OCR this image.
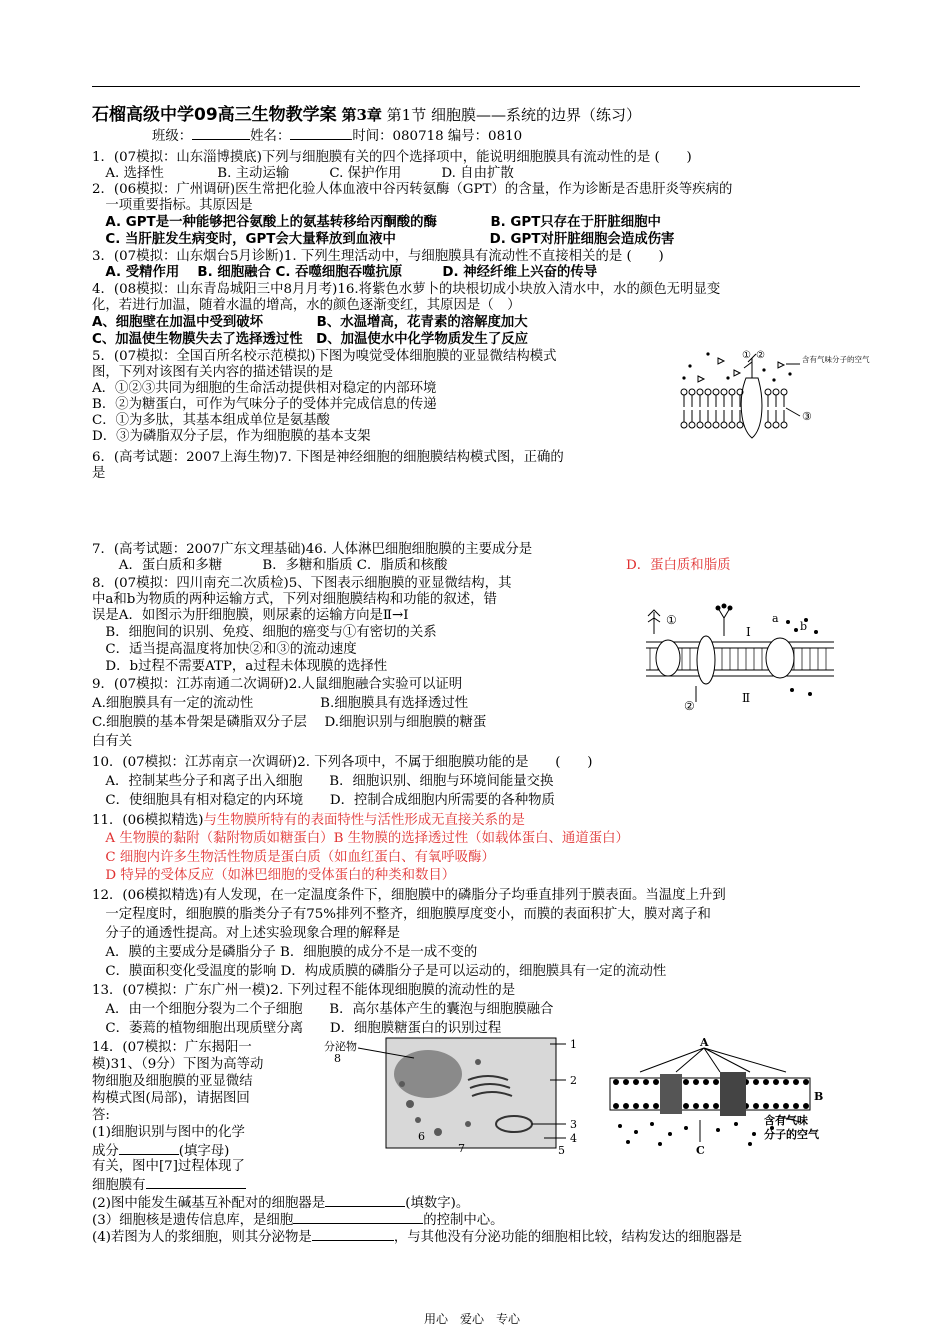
石榴高级中学09高三生物教学案 第3章 第1节 细胞膜——系统的边界（练习）
班级：	姓名：	时间：080718 编号：0810
1．(07模拟：山东淄博摸底)下列与细胞膜有关的四个选择项中，能说明细胞膜具有流动性的是 (　　)
　A. 选择性　　　　B. 主动运输　　　C. 保护作用　　　D. 自由扩散
2．(06模拟：广州调研)医生常把化验人体血液中谷丙转氨酶（GPT）的含量，作为诊断是否患肝炎等疾病的
　一项重要指标。其原因是
　A. GPT是一种能够把谷氨酸上的氨基转移给丙酮酸的酶　　　　B. GPT只存在于肝脏细胞中
　C. 当肝脏发生病变时，GPT会大量释放到血液中　　　　　　　D. GPT对肝脏细胞会造成伤害
3．(07模拟：山东烟台5月诊断)1. 下列生理活动中，与细胞膜具有流动性不直接相关的是 (　　)
　A. 受精作用　 B. 细胞融合 C. 吞噬细胞吞噬抗原　　　D. 神经纤维上兴奋的传导
4．(08模拟：山东青岛城阳三中8月月考)16.将紫色水萝卜的块根切成小块放入清水中，水的颜色无明显变
化，若进行加温，随着水温的增高，水的颜色逐渐变红，其原因是（　）
A、细胞壁在加温中受到破坏　　　　B、水温增高，花青素的溶解度加大
C、加温使生物膜失去了选择透过性　D、加温使水中化学物质发生了反应
5．(07模拟：全国百所名校示范模拟)下图为嗅觉受体细胞膜的亚显微结构模式
图，下列对该图有关内容的描述错误的是
A．①②③共同为细胞的生命活动提供相对稳定的内部环境
B．②为糖蛋白，可作为气味分子的受体并完成信息的传递
C．①为多肽，其基本组成单位是氨基酸
D．③为磷脂双分子层，作为细胞膜的基本支架
6．(高考试题：2007上海生物)7. 下图是神经细胞的细胞膜结构模式图，正确的
是
7．(高考试题：2007广东文理基础)46. 人体淋巴细胞细胞膜的主要成分是
　　A．蛋白质和多糖　　　B．多糖和脂质 C．脂质和核酸	D．蛋白质和脂质
8．(07模拟：四川南充二次质检)5、下图表示细胞膜的亚显微结构，其
中a和b为物质的两种运输方式，下列对细胞膜结构和功能的叙述，错
误是A．如图示为肝细胞膜，则尿素的运输方向是Ⅱ→Ⅰ
　B．细胞间的识别、免疫、细胞的癌变与①有密切的关系
　C．适当提高温度将加快②和③的流动速度
　D．b过程不需要ATP，a过程未体现膜的选择性
9．(07模拟：江苏南通二次调研)2.人鼠细胞融合实验可以证明
A.细胞膜具有一定的流动性　　　　　B.细胞膜具有选择透过性
C.细胞膜的基本骨架是磷脂双分子层　 D.细胞识别与细胞膜的糖蛋
白有关
10．(07模拟：江苏南京一次调研)2. 下列各项中，不属于细胞膜功能的是　　(　　)
　A．控制某些分子和离子出入细胞　　B．细胞识别、细胞与环境间能量交换
　C．使细胞具有相对稳定的内环境　　D．控制合成细胞内所需要的各种物质
11．(06模拟精选)与生物膜所特有的表面特性与活性形成无直接关系的是
　A 生物膜的黏附（黏附物质如糖蛋白）B 生物膜的选择透过性（如载体蛋白、通道蛋白）
　C 细胞内许多生物活性物质是蛋白质（如血红蛋白、有氧呼吸酶）
　D 特异的受体反应（如淋巴细胞的受体蛋白的种类和数目）
12．(06模拟精选)有人发现，在一定温度条件下，细胞膜中的磷脂分子均垂直排列于膜表面。当温度上升到
　一定程度时，细胞膜的脂类分子有75%排列不整齐，细胞膜厚度变小，而膜的表面积扩大，膜对离子和
　分子的通透性提高。对上述实验现象合理的解释是
　A．膜的主要成分是磷脂分子 B．细胞膜的成分不是一成不变的
　C．膜面积变化受温度的影响 D．构成质膜的磷脂分子是可以运动的，细胞膜具有一定的流动性
13．(07模拟：广东广州一模)2. 下列过程不能体现细胞膜的流动性的是
　A．由一个细胞分裂为二个子细胞　　B．高尔基体产生的囊泡与细胞膜融合
　C．萎蔫的植物细胞出现质壁分离　　D．细胞膜糖蛋白的识别过程
14．(07模拟：广东揭阳一
模)31、（9分）下图为高等动
物细胞及细胞膜的亚显微结
构模式图(局部)，请据图回
答:
(1)细胞识别与图中的化学
成分	(填字母)
有关，图中[7]过程体现了
细胞膜有
(2)图中能发生碱基互补配对的细胞器是	(填数字)。
(3）细胞核是遗传信息库，是细胞	的控制中心。
(4)若图为人的浆细胞，则其分泌物是	，与其他没有分泌功能的细胞相比较，结构发达的细胞器是
① ②
③
含有气味分子的空气
①
②
Ⅰ
Ⅱ
a
b
1
2
3
4
5
6
7
8
分泌物	A
B
C
含有气味
分子的空气
用心　爱心　专心
